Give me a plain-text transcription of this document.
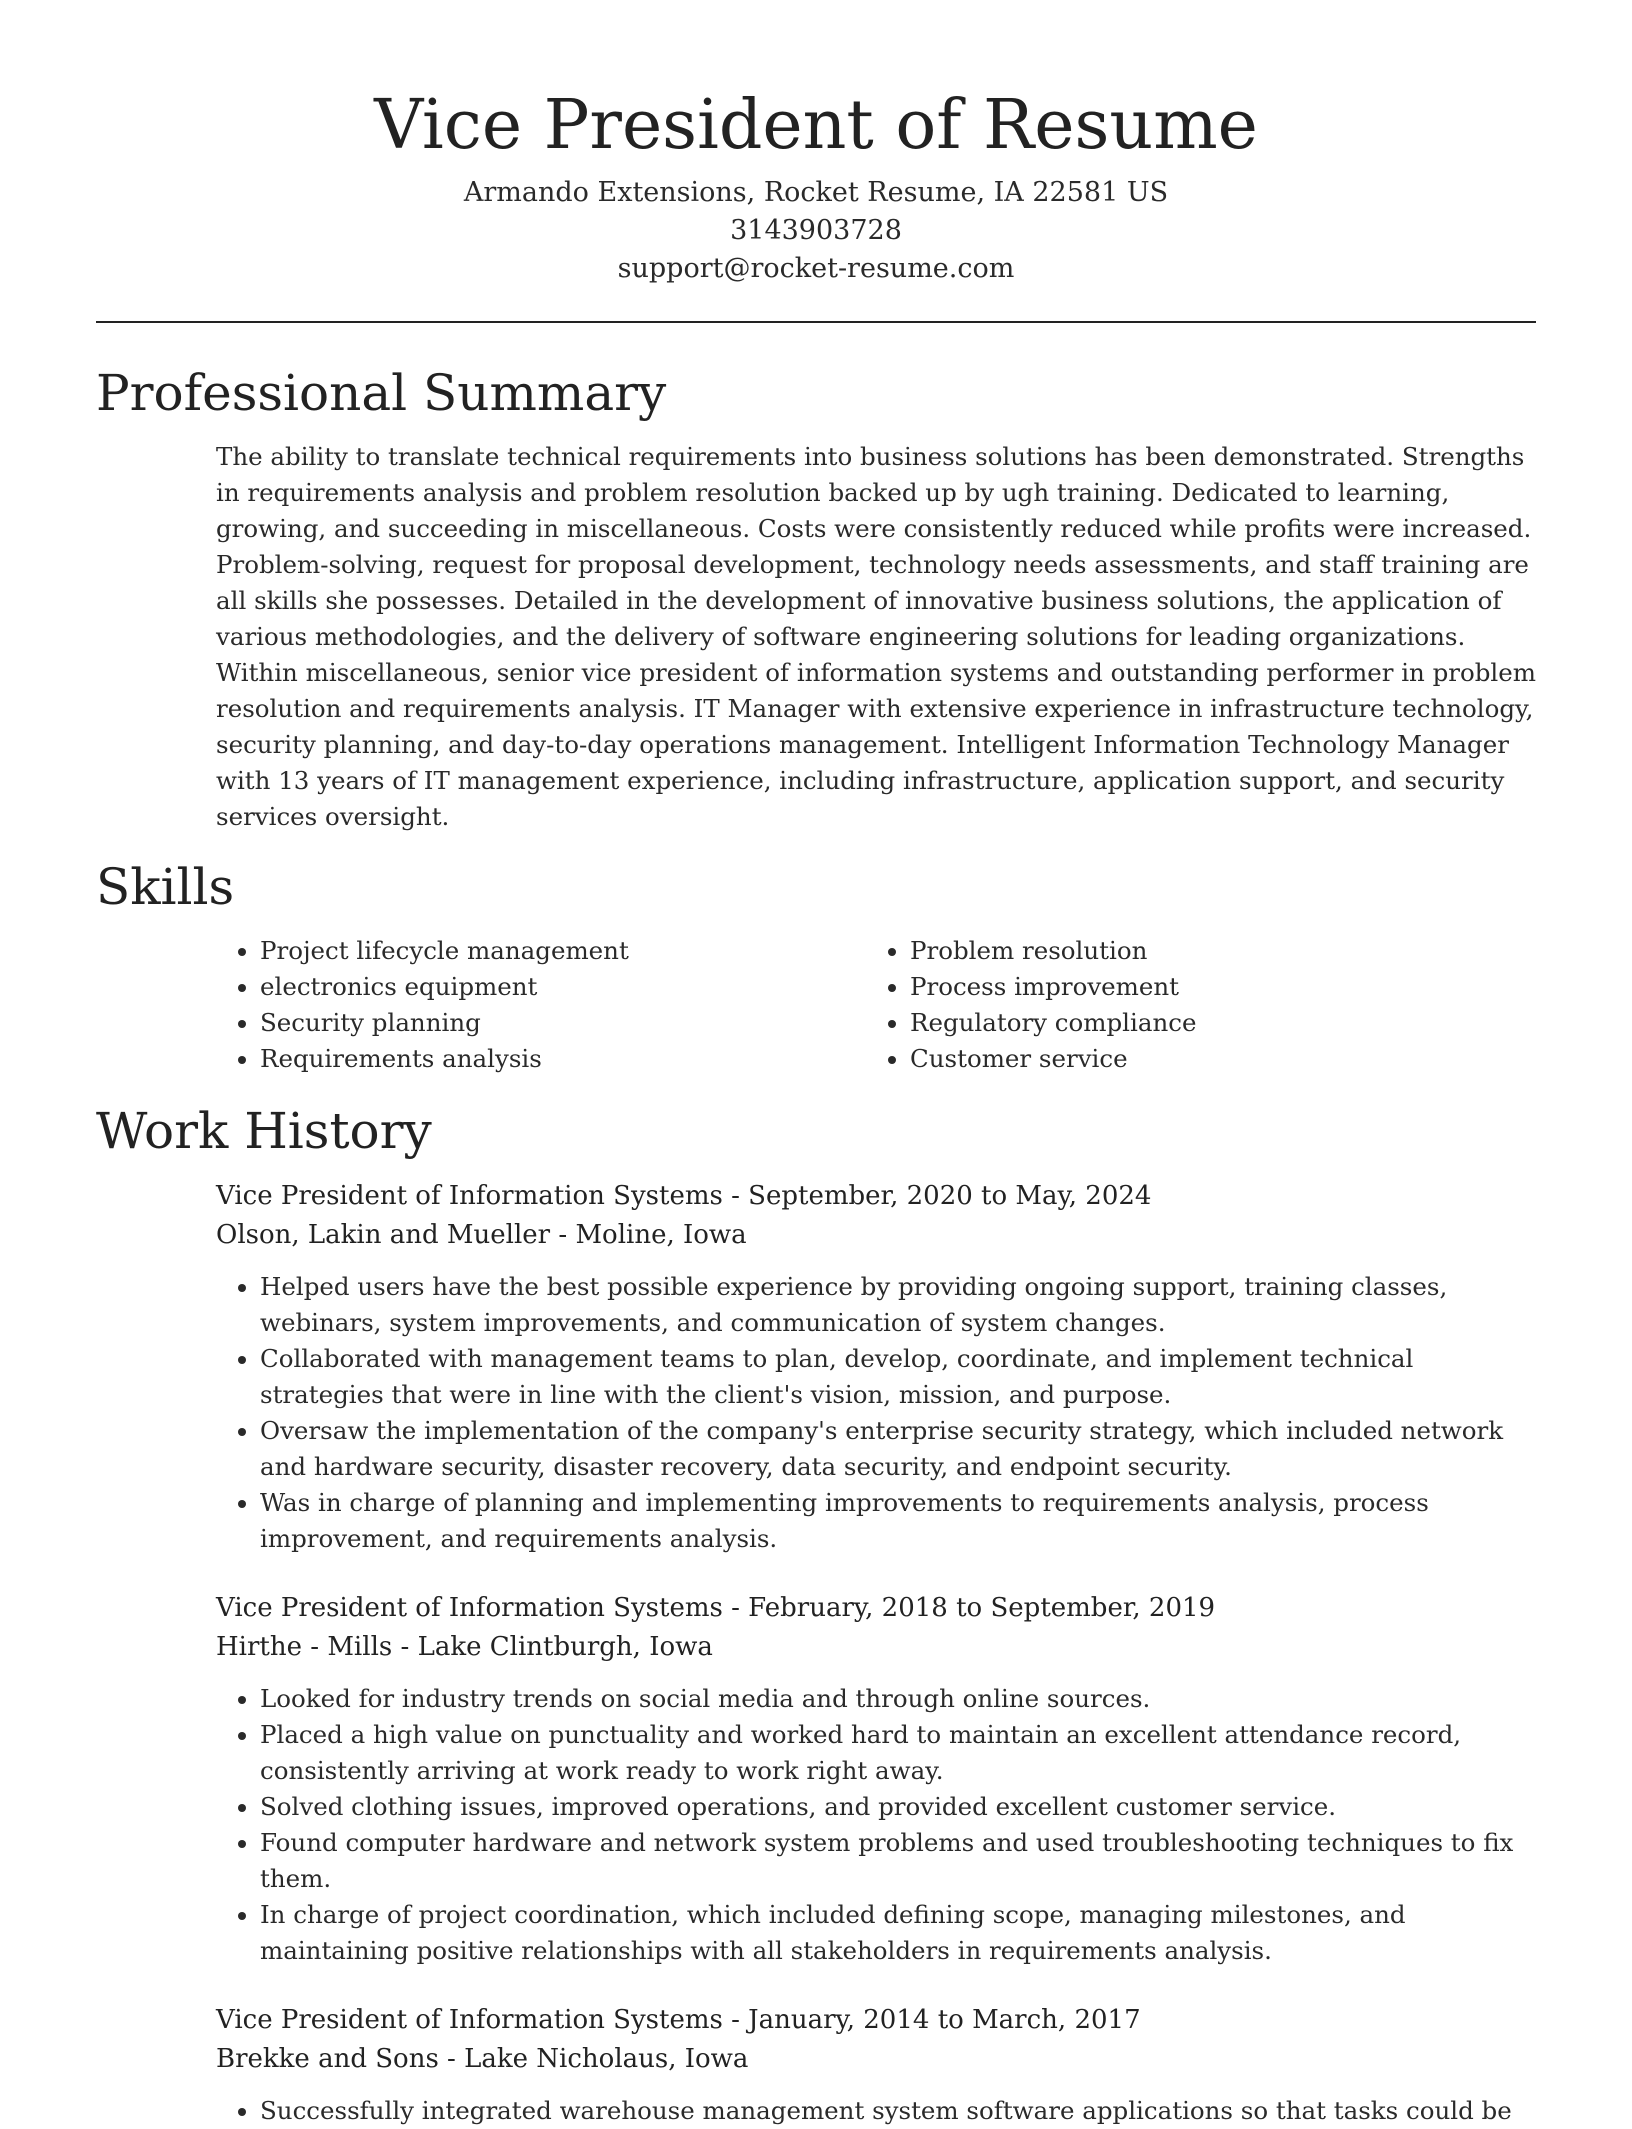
Vice President of Resume

Armando Extensions, Rocket Resume, IA 22581 US

3143903728

support@rocket-resume.com

Professional Summary

The ability to translate technical requirements into business solutions has been demonstrated. Strengths in requirements analysis and problem resolution backed up by ugh training. Dedicated to learning, growing, and succeeding in miscellaneous. Costs were consistently reduced while profits were increased. Problem-solving, request for proposal development, technology needs assessments, and staff training are all skills she possesses. Detailed in the development of innovative business solutions, the application of various methodologies, and the delivery of software engineering solutions for leading organizations. Within miscellaneous, senior vice president of information systems and outstanding performer in problem resolution and requirements analysis. IT Manager with extensive experience in infrastructure technology, security planning, and day-to-day operations management. Intelligent Information Technology Manager with 13 years of IT management experience, including infrastructure, application support, and security services oversight.

Skills
• Project lifecycle management
• electronics equipment
• Security planning
• Requirements analysis
• Problem resolution
• Process improvement
• Regulatory compliance
• Customer service
Work History

Vice President of Information Systems - September, 2020 to May, 2024

Olson, Lakin and Mueller - Moline, Iowa

• Helped users have the best possible experience by providing ongoing support, training classes, webinars, system improvements, and communication of system changes.
• Collaborated with management teams to plan, develop, coordinate, and implement technical strategies that were in line with the client's vision, mission, and purpose.
• Oversaw the implementation of the company's enterprise security strategy, which included network and hardware security, disaster recovery, data security, and endpoint security.
• Was in charge of planning and implementing improvements to requirements analysis, process improvement, and requirements analysis.

Vice President of Information Systems - February, 2018 to September, 2019

Hirthe - Mills - Lake Clintburgh, Iowa

• Looked for industry trends on social media and through online sources.
• Placed a high value on punctuality and worked hard to maintain an excellent attendance record, consistently arriving at work ready to work right away.
• Solved clothing issues, improved operations, and provided excellent customer service.
• Found computer hardware and network system problems and used troubleshooting techniques to fix them.
• In charge of project coordination, which included defining scope, managing milestones, and maintaining positive relationships with all stakeholders in requirements analysis.

Vice President of Information Systems - January, 2014 to March, 2017

Brekke and Sons - Lake Nicholaus, Iowa

• Successfully integrated warehouse management system software applications so that tasks could be
